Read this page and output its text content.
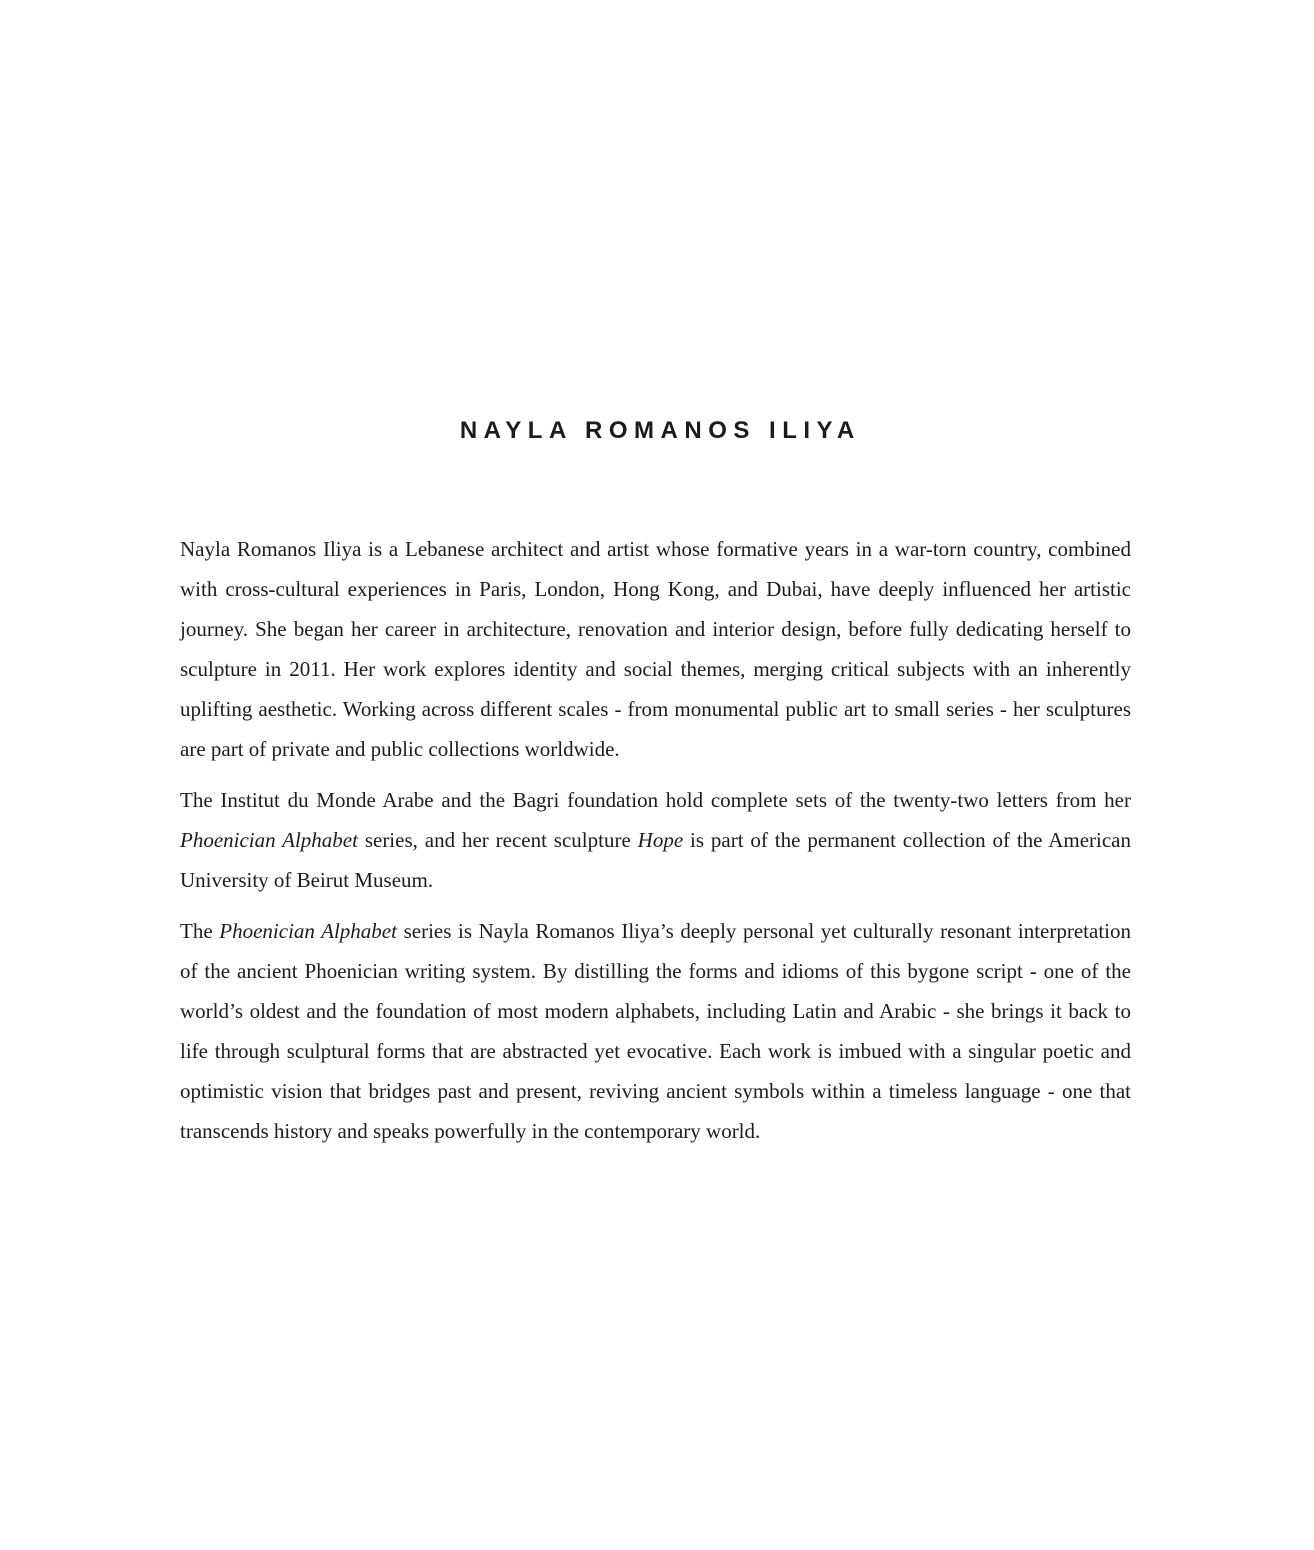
NAYLA ROMANOS ILIYA

Nayla Romanos Iliya is a Lebanese architect and artist whose formative years in a war-torn country, combined with cross-cultural experiences in Paris, London, Hong Kong, and Dubai, have deeply influenced her artistic journey. She began her career in architecture, renovation and interior design, before fully dedicating herself to sculpture in 2011. Her work explores identity and social themes, merging critical subjects with an inherently uplifting aesthetic. Working across different scales - from monumental public art to small series - her sculptures are part of private and public collections worldwide.

The Institut du Monde Arabe and the Bagri foundation hold complete sets of the twenty-two letters from her Phoenician Alphabet series, and her recent sculpture Hope is part of the permanent collection of the American University of Beirut Museum.

The Phoenician Alphabet series is Nayla Romanos Iliya’s deeply personal yet culturally resonant interpretation of the ancient Phoenician writing system. By distilling the forms and idioms of this bygone script - one of the world’s oldest and the foundation of most modern alphabets, including Latin and Arabic - she brings it back to life through sculptural forms that are abstracted yet evocative. Each work is imbued with a singular poetic and optimistic vision that bridges past and present, reviving ancient symbols within a timeless language - one that transcends history and speaks powerfully in the contemporary world.
